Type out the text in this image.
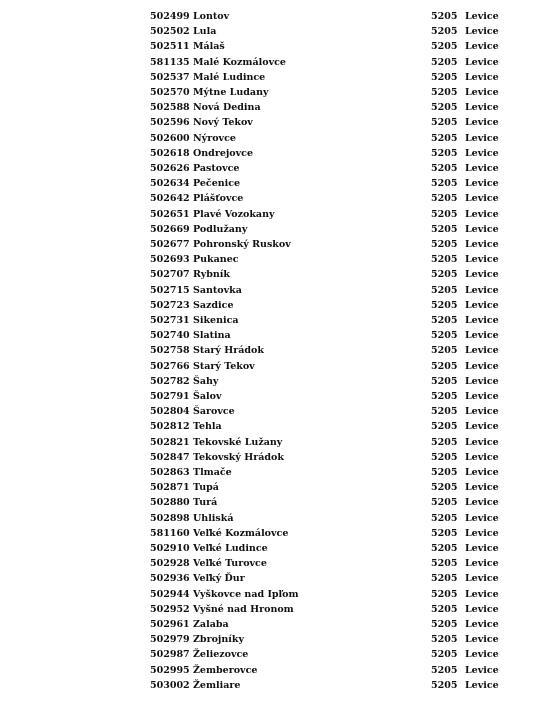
502499 Lontov	5205 Levice
502502 Lula	5205 Levice
502511 Málaš	5205 Levice
581135 Malé Kozmálovce	5205 Levice
502537 Malé Ludince	5205 Levice
502570 Mýtne Ludany	5205 Levice
502588 Nová Dedina	5205 Levice
502596 Nový Tekov	5205 Levice
502600 Nýrovce	5205 Levice
502618 Ondrejovce	5205 Levice
502626 Pastovce	5205 Levice
502634 Pečenice	5205 Levice
502642 Plášťovce	5205 Levice
502651 Plavé Vozokany	5205 Levice
502669 Podlužany	5205 Levice
502677 Pohronský Ruskov	5205 Levice
502693 Pukanec	5205 Levice
502707 Rybník	5205 Levice
502715 Santovka	5205 Levice
502723 Sazdice	5205 Levice
502731 Sikenica	5205 Levice
502740 Slatina	5205 Levice
502758 Starý Hrádok	5205 Levice
502766 Starý Tekov	5205 Levice
502782 Šahy	5205 Levice
502791 Šalov	5205 Levice
502804 Šarovce	5205 Levice
502812 Tehla	5205 Levice
502821 Tekovské Lužany	5205 Levice
502847 Tekovský Hrádok	5205 Levice
502863 Tlmače	5205 Levice
502871 Tupá	5205 Levice
502880 Turá	5205 Levice
502898 Uhliská	5205 Levice
581160 Veľké Kozmálovce	5205 Levice
502910 Veľké Ludince	5205 Levice
502928 Veľké Turovce	5205 Levice
502936 Veľký Ďur	5205 Levice
502944 Vyškovce nad Ipľom	5205 Levice
502952 Vyšné nad Hronom	5205 Levice
502961 Zalaba	5205 Levice
502979 Zbrojníky	5205 Levice
502987 Želiezovce	5205 Levice
502995 Žemberovce	5205 Levice
503002 Žemliare	5205 Levice
